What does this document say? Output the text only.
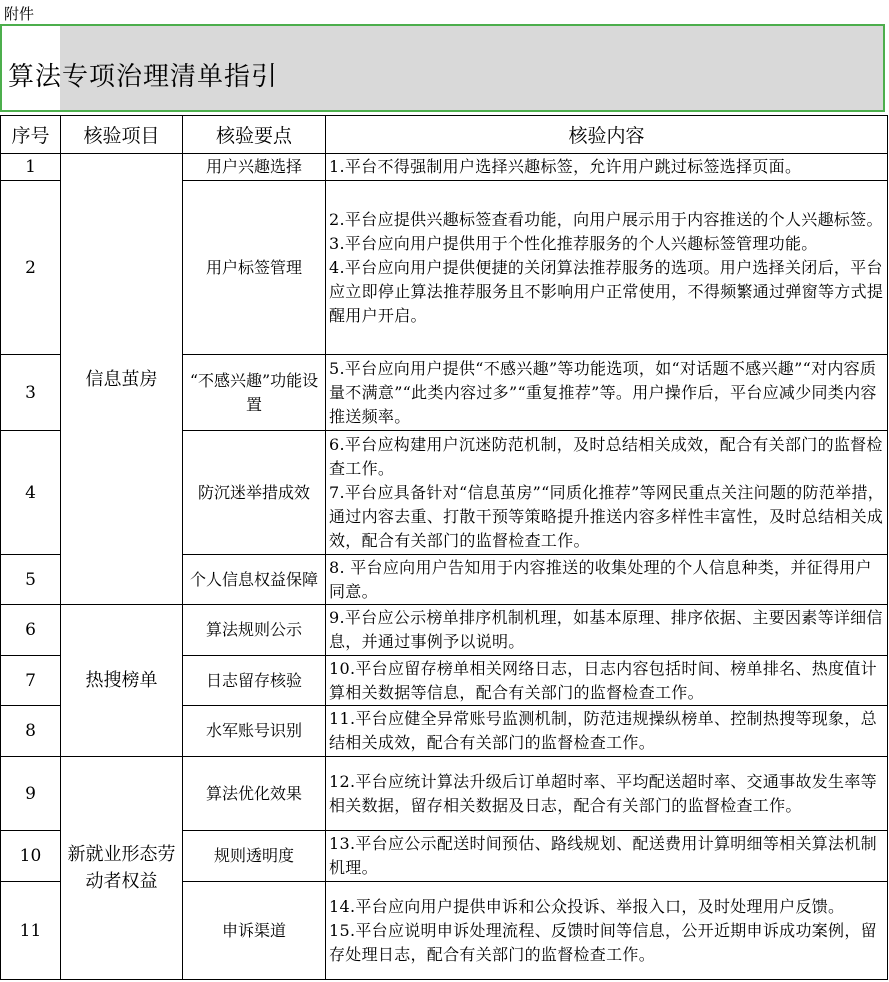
附件
算法专项治理清单指引
序号	核验项目	核验要点	核验内容
1	信息茧房	用户兴趣选择	1.平台不得强制用户选择兴趣标签，允许用户跳过标签选择页面。

2		用户标签管理	2.平台应提供兴趣标签查看功能，向用户展示用于内容推送的个人兴趣标签。
3.平台应向用户提供用于个性化推荐服务的个人兴趣标签管理功能。
4.平台应向用户提供便捷的关闭算法推荐服务的选项。用户选择关闭后，平台应立即停止算法推荐服务且不影响用户正常使用，不得频繁通过弹窗等方式提醒用户开启。

3		“不感兴趣”功能设置	5.平台应向用户提供“不感兴趣”等功能选项，如“对话题不感兴趣”“对内容质量不满意”“此类内容过多”“重复推荐”等。用户操作后，平台应减少同类内容推送频率。

4		防沉迷举措成效	6.平台应构建用户沉迷防范机制，及时总结相关成效，配合有关部门的监督检查工作。
7.平台应具备针对“信息茧房”“同质化推荐”等网民重点关注问题的防范举措，通过内容去重、打散干预等策略提升推送内容多样性丰富性，及时总结相关成效，配合有关部门的监督检查工作。

5		个人信息权益保障	8. 平台应向用户告知用于内容推送的收集处理的个人信息种类，并征得用户同意。

6	热搜榜单	算法规则公示	9.平台应公示榜单排序机制机理，如基本原理、排序依据、主要因素等详细信息，并通过事例予以说明。

7		日志留存核验	10.平台应留存榜单相关网络日志，日志内容包括时间、榜单排名、热度值计算相关数据等信息，配合有关部门的监督检查工作。

8		水军账号识别	11.平台应健全异常账号监测机制，防范违规操纵榜单、控制热搜等现象，总结相关成效，配合有关部门的监督检查工作。

9	新就业形态劳动者权益	算法优化效果	12.平台应统计算法升级后订单超时率、平均配送超时率、交通事故发生率等相关数据，留存相关数据及日志，配合有关部门的监督检查工作。

10		规则透明度	13.平台应公示配送时间预估、路线规划、配送费用计算明细等相关算法机制机理。

11		申诉渠道	14.平台应向用户提供申诉和公众投诉、举报入口，及时处理用户反馈。
15.平台应说明申诉处理流程、反馈时间等信息，公开近期申诉成功案例，留存处理日志，配合有关部门的监督检查工作。
